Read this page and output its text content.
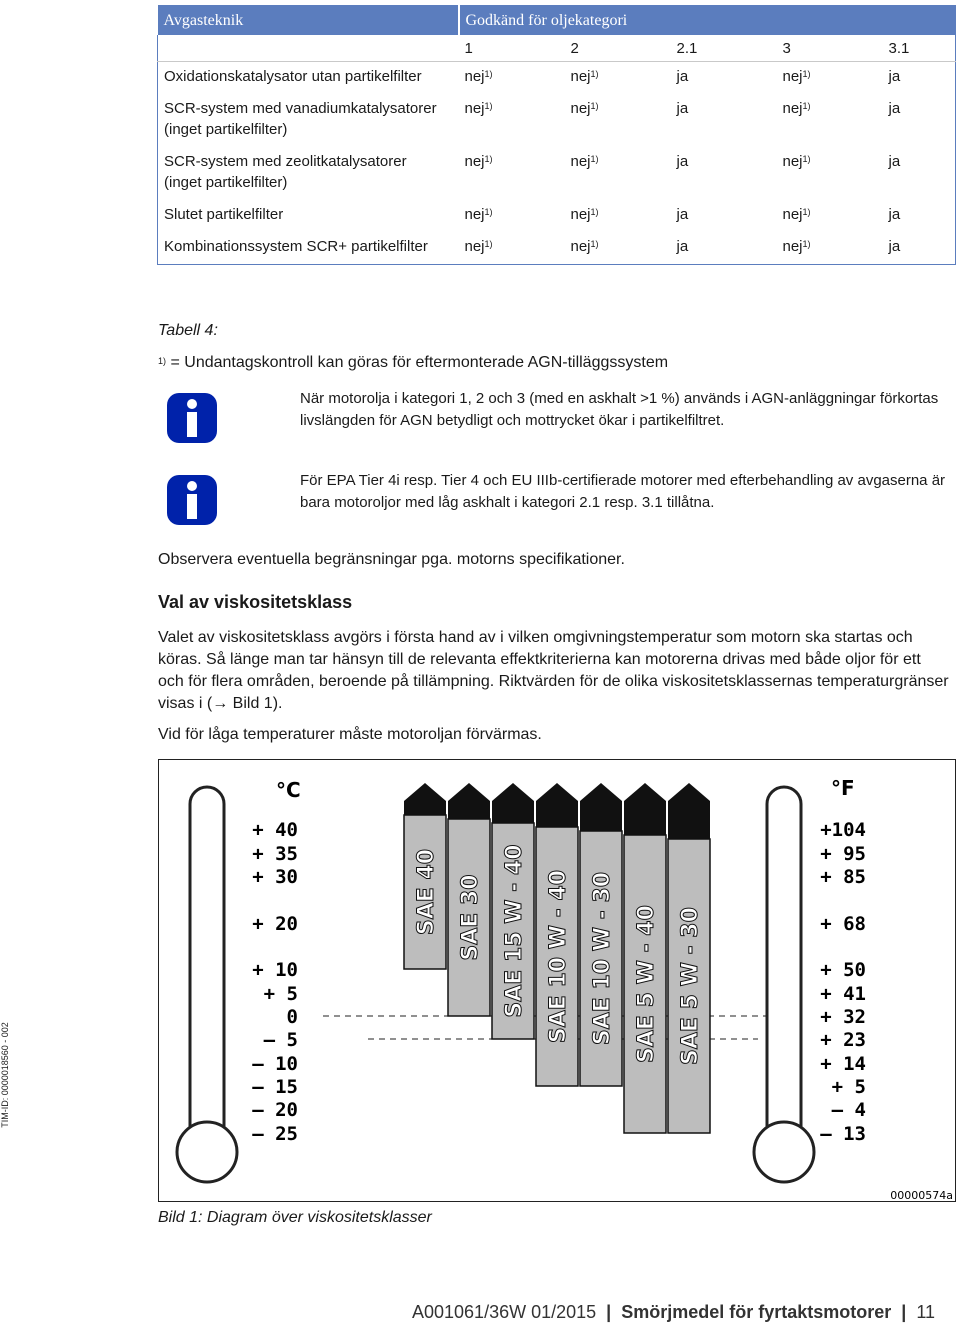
Avgasteknik	Godkänd för oljekategori				
	1	2	2.1	3	3.1
Oxidationskatalysator utan partikelfilter	nej$^{1)}$	nej$^{1)}$	ja	nej$^{1)}$	ja
SCR-system med vanadiumkatalysatorer (inget partikelfilter)	nej$^{1)}$	nej$^{1)}$	ja	nej$^{1)}$	ja
SCR-system med zeolitkatalysatorer (inget partikelfilter)	nej$^{1)}$	nej$^{1)}$	ja	nej$^{1)}$	ja
Slutet partikelfilter	nej$^{1)}$	nej$^{1)}$	ja	nej$^{1)}$	ja
Kombinationssystem SCR+ partikelfilter	nej$^{1)}$	nej$^{1)}$	ja	nej$^{1)}$	ja
Tabell 4:
$^{1)}$ = Undantagskontroll kan göras för eftermonterade AGN-tilläggssystem
När motorolja i kategori 1, 2 och 3 (med en askhalt >1 %) används i AGN-anläggningar förkortas livslängden för AGN betydligt och mottrycket ökar i partikelfiltret.
För EPA Tier 4i resp. Tier 4 och EU IIIb-certifierade motorer med efterbehandling av avgaserna är bara motoroljor med låg askhalt i kategori 2.1 resp. 3.1 tillåtna.
Observera eventuella begränsningar pga. motorns specifikationer.
Val av viskositetsklass
Valet av viskositetsklass avgörs i första hand av i vilken omgivningstemperatur som motorn ska startas och köras. Så länge man tar hänsyn till de relevanta effektkriterierna kan motorerna drivas med både oljor för ett och för flera områden, beroende på tillämpning. Riktvärden för de olika viskositetsklassernas temperaturgränser visas i (→ Bild 1).
Vid för låga temperaturer måste motoroljan förvärmas.
°C	°F
+ 40
+ 35
+ 30
+ 20
+ 10
+ 5
0
– 5
– 10
– 15
– 20
– 25
+104
+ 95
+ 85
+ 68
+ 50
+ 41
+ 32
+ 23
+ 14
+ 5
– 4
– 13
SAE 40 SAE 30 SAE 15 W - 40 SAE 10 W - 40 SAE 10 W - 30 SAE 5 W - 40 SAE 5 W - 30
00000574a
Bild 1: Diagram över viskositetsklasser
TIM-ID: 0000018560 - 002
A001061/36W 01/2015 | Smörjmedel för fyrtaktsmotorer | 11
